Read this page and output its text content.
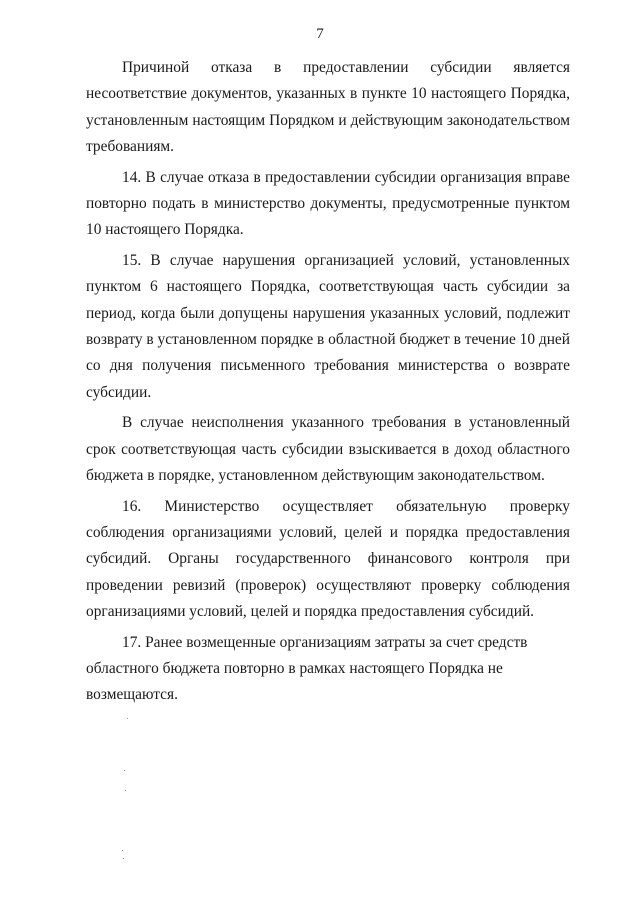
7

Причиной отказа в предоставлении субсидии является несоответствие документов, указанных в пункте 10 настоящего Порядка, установленным настоящим Порядком и действующим законодательством требованиям.

14. В случае отказа в предоставлении субсидии организация вправе повторно подать в министерство документы, предусмотренные пунктом 10 настоящего Порядка.

15. В случае нарушения организацией условий, установленных пунктом 6 настоящего Порядка, соответствующая часть субсидии за период, когда были допущены нарушения указанных условий, подлежит возврату в установленном порядке в областной бюджет в течение 10 дней со дня получения письменного требования министерства о возврате субсидии.

В случае неисполнения указанного требования в установленный срок соответствующая часть субсидии взыскивается в доход областного бюджета в порядке, установленном действующим законодательством.

16. Министерство осуществляет обязательную проверку соблюдения организациями условий, целей и порядка предоставления субсидий. Органы государственного финансового контроля при проведении ревизий (проверок) осуществляют проверку соблюдения организациями условий, целей и порядка предоставления субсидий.

17. Ранее возмещенные организациям затраты за счет средств областного бюджета повторно в рамках настоящего Порядка не возмещаются.
